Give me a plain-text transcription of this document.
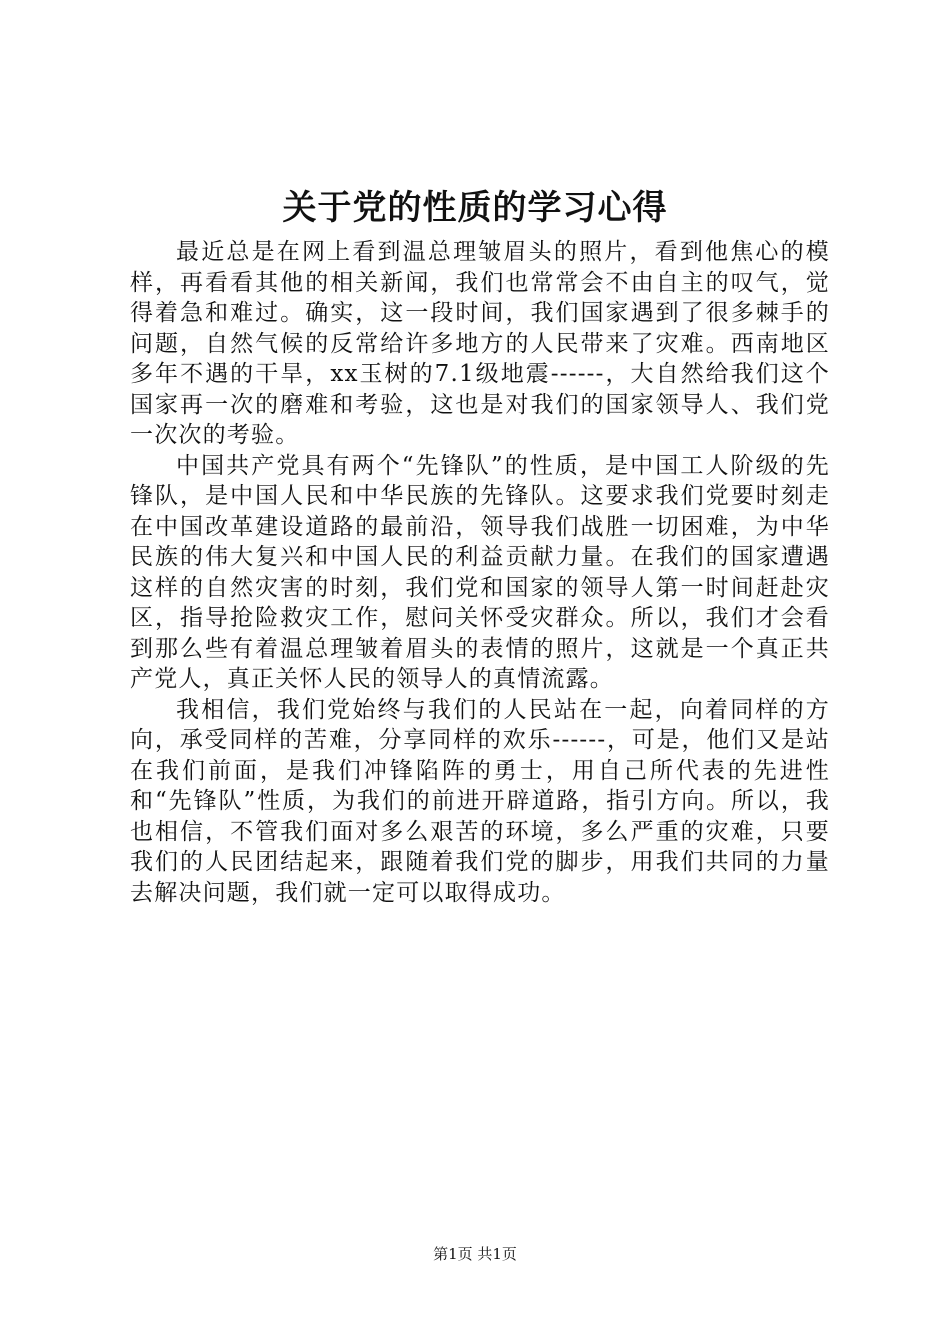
关于党的性质的学习心得

最近总是在网上看到温总理皱眉头的照片，看到他焦心的模样，再看看其他的相关新闻，我们也常常会不由自主的叹气，觉得着急和难过。确实，这一段时间，我们国家遇到了很多棘手的问题，自然气候的反常给许多地方的人民带来了灾难。西南地区多年不遇的干旱，xx玉树的7.1级地震------，大自然给我们这个国家再一次的磨难和考验，这也是对我们的国家领导人、我们党一次次的考验。

中国共产党具有两个“先锋队”的性质，是中国工人阶级的先锋队，是中国人民和中华民族的先锋队。这要求我们党要时刻走在中国改革建设道路的最前沿，领导我们战胜一切困难，为中华民族的伟大复兴和中国人民的利益贡献力量。在我们的国家遭遇这样的自然灾害的时刻，我们党和国家的领导人第一时间赶赴灾区，指导抢险救灾工作，慰问关怀受灾群众。所以，我们才会看到那么些有着温总理皱着眉头的表情的照片，这就是一个真正共产党人，真正关怀人民的领导人的真情流露。

我相信，我们党始终与我们的人民站在一起，向着同样的方向，承受同样的苦难，分享同样的欢乐------，可是，他们又是站在我们前面，是我们冲锋陷阵的勇士，用自己所代表的先进性和“先锋队”性质，为我们的前进开辟道路，指引方向。所以，我也相信，不管我们面对多么艰苦的环境，多么严重的灾难，只要我们的人民团结起来，跟随着我们党的脚步，用我们共同的力量去解决问题，我们就一定可以取得成功。

第1页 共1页
